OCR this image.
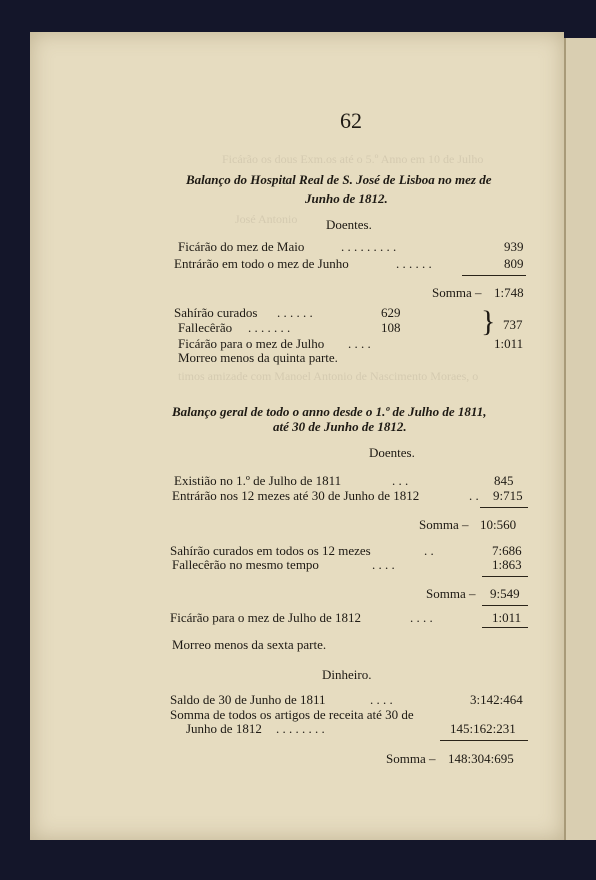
Ficárão os dous Exm.os até o 5.º Anno em 10 de Julho
José Antonio
timos amizade com Manoel Antonio de Nascimento Moraes, o
62
Balanço do Hospital Real de S. José de Lisboa no mez de
Junho de 1812.
Doentes.
Ficárão do mez de Maio	. . . . . . . . .	939
Entrárão em todo o mez de Junho	. . . . . .	809
Somma – 1:748
Sahírão curados . . . . . .	629
Fallecêrão . . . . . . .	108	} 737
Ficárão para o mez de Julho . . . .	1:011
Morreo menos da quinta parte.
Balanço geral de todo o anno desde o 1.º de Julho de 1811,
até 30 de Junho de 1812.
Doentes.
Existião no 1.º de Julho de 1811	. . .	845
Entrárão nos 12 mezes até 30 de Junho de 1812	. . 9:715
Somma – 10:560
Sahírão curados em todos os 12 mezes	. .	7:686
Fallecêrão no mesmo tempo	. . . .	1:863
Somma – 9:549
Ficárão para o mez de Julho de 1812	. . . .	1:011
Morreo menos da sexta parte.
Dinheiro.
Saldo de 30 de Junho de 1811	. . . .	3:142:464
Somma de todos os artigos de receita até 30 de
Junho de 1812 . . . . . . . .	145:162:231
Somma – 148:304:695
